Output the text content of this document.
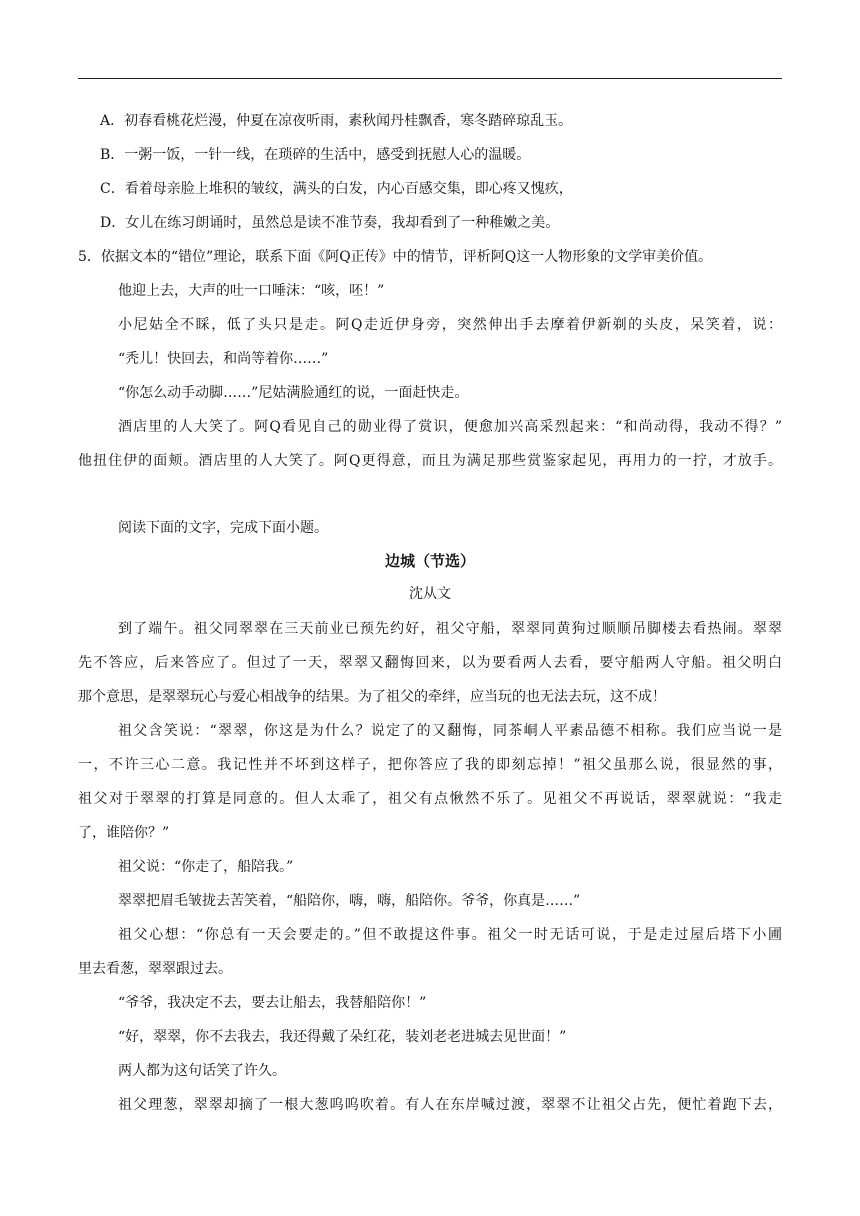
A．初春看桃花烂漫，仲夏在凉夜听雨，素秋闻丹桂飘香，寒冬踏碎琼乱玉。
B．一粥一饭，一针一线，在琐碎的生活中，感受到抚慰人心的温暖。
C．看着母亲脸上堆积的皱纹，满头的白发，内心百感交集，即心疼又愧疚，
D．女儿在练习朗诵时，虽然总是读不准节奏，我却看到了一种稚嫩之美。
5．依据文本的“错位”理论，联系下面《阿Q正传》中的情节，评析阿Q这一人物形象的文学审美价值。
他迎上去，大声的吐一口唾沫：“咳，呸！”
小尼姑全不睬，低了头只是走。阿Q走近伊身旁，突然伸出手去摩着伊新剃的头皮，呆笑着，说：
“秃儿！快回去，和尚等着你……”
“你怎么动手动脚……”尼姑满脸通红的说，一面赶快走。
酒店里的人大笑了。阿Q看见自己的勋业得了赏识，便愈加兴高采烈起来：“和尚动得，我动不得？”
他扭住伊的面颊。酒店里的人大笑了。阿Q更得意，而且为满足那些赏鉴家起见，再用力的一拧，才放手。
阅读下面的文字，完成下面小题。
边城（节选）
沈从文
到了端午。祖父同翠翠在三天前业已预先约好，祖父守船，翠翠同黄狗过顺顺吊脚楼去看热闹。翠翠
先不答应，后来答应了。但过了一天，翠翠又翻悔回来，以为要看两人去看，要守船两人守船。祖父明白
那个意思，是翠翠玩心与爱心相战争的结果。为了祖父的牵绊，应当玩的也无法去玩，这不成！
祖父含笑说：“翠翠，你这是为什么？说定了的又翻悔，同茶峒人平素品德不相称。我们应当说一是
一，不许三心二意。我记性并不坏到这样子，把你答应了我的即刻忘掉！”祖父虽那么说，很显然的事，
祖父对于翠翠的打算是同意的。但人太乖了，祖父有点愀然不乐了。见祖父不再说话，翠翠就说：“我走
了，谁陪你？”
祖父说：“你走了，船陪我。”
翠翠把眉毛皱拢去苦笑着，“船陪你，嗨，嗨，船陪你。爷爷，你真是……”
祖父心想：“你总有一天会要走的。”但不敢提这件事。祖父一时无话可说，于是走过屋后塔下小圃
里去看葱，翠翠跟过去。
“爷爷，我决定不去，要去让船去，我替船陪你！”
“好，翠翠，你不去我去，我还得戴了朵红花，装刘老老进城去见世面！”
两人都为这句话笑了许久。
祖父理葱，翠翠却摘了一根大葱呜呜吹着。有人在东岸喊过渡，翠翠不让祖父占先，便忙着跑下去，
